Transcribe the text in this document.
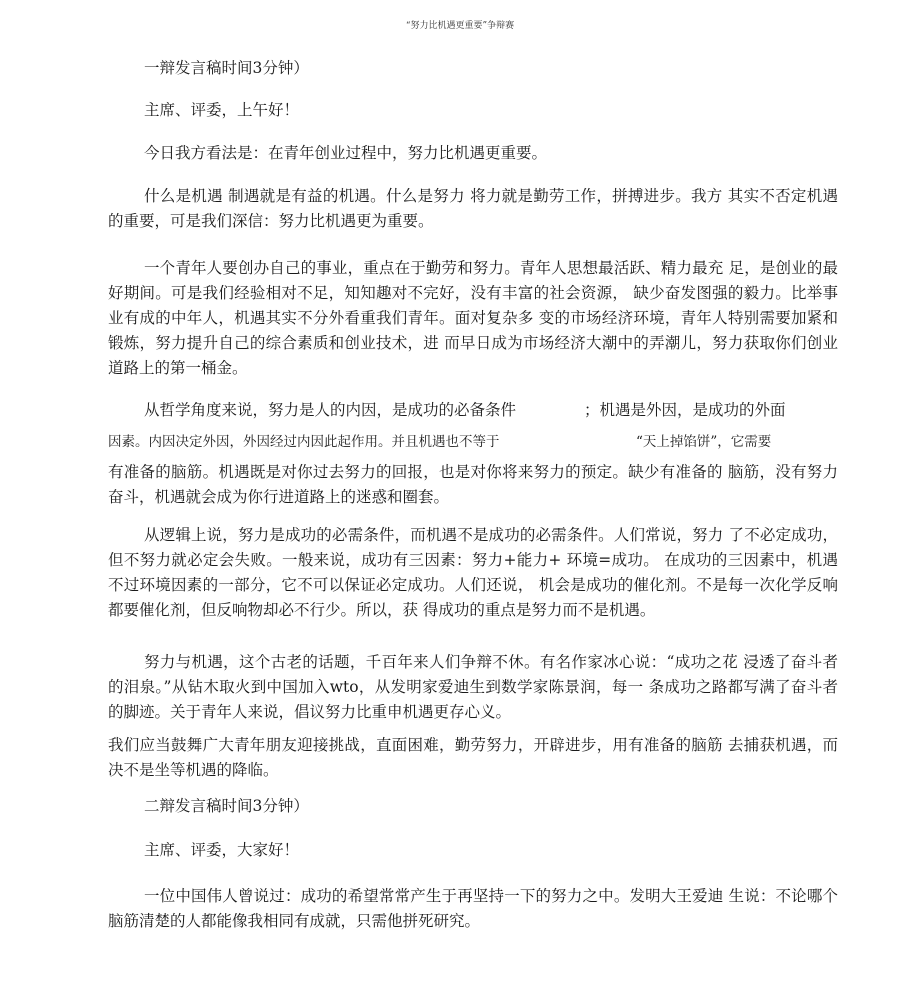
“努力比机遇更重要”争辩赛

一辩发言稿时间3分钟）

主席、评委，上午好！

今日我方看法是：在青年创业过程中，努力比机遇更重要。

什么是机遇 制遇就是有益的机遇。什么是努力 将力就是勤劳工作，拼搏进步。我方 其实不否定机遇的重要，可是我们深信：努力比机遇更为重要。

一个青年人要创办自己的事业，重点在于勤劳和努力。青年人思想最活跃、精力最充 足，是创业的最好期间。可是我们经验相对不足，知知趣对不完好，没有丰富的社会资源， 缺少奋发图强的毅力。比举事业有成的中年人，机遇其实不分外看重我们青年。面对复杂多 变的市场经济环境，青年人特别需要加紧和锻炼，努力提升自己的综合素质和创业技术，进 而早日成为市场经济大潮中的弄潮儿，努力获取你们创业道路上的第一桶金。

从哲学角度来说，努力是人的内因，是成功的必备条件	；机遇是外因，是成功的外面

因素。内因决定外因，外因经过内因此起作用。并且机遇也不等于	“天上掉馅饼”，它需要

有准备的脑筋。机遇既是对你过去努力的回报，也是对你将来努力的预定。缺少有准备的 脑筋，没有努力奋斗，机遇就会成为你行进道路上的迷惑和圈套。

从逻辑上说，努力是成功的必需条件，而机遇不是成功的必需条件。人们常说，努力 了不必定成功，但不努力就必定会失败。一般来说，成功有三因素：努力+能力+ 环境=成功。 在成功的三因素中，机遇不过环境因素的一部分，它不可以保证必定成功。人们还说， 机会是成功的催化剂。不是每一次化学反响都要催化剂，但反响物却必不行少。所以，获 得成功的重点是努力而不是机遇。

努力与机遇，这个古老的话题，千百年来人们争辩不休。有名作家冰心说：“成功之花 浸透了奋斗者的泪泉。”从钻木取火到中国加入wto，从发明家爱迪生到数学家陈景润，每一 条成功之路都写满了奋斗者的脚迹。关于青年人来说，倡议努力比重申机遇更存心义。

我们应当鼓舞广大青年朋友迎接挑战，直面困难，勤劳努力，开辟进步，用有准备的脑筋 去捕获机遇，而决不是坐等机遇的降临。

二辩发言稿时间3分钟）

主席、评委，大家好！

一位中国伟人曾说过：成功的希望常常产生于再坚持一下的努力之中。发明大王爱迪 生说：不论哪个脑筋清楚的人都能像我相同有成就，只需他拼死研究。
